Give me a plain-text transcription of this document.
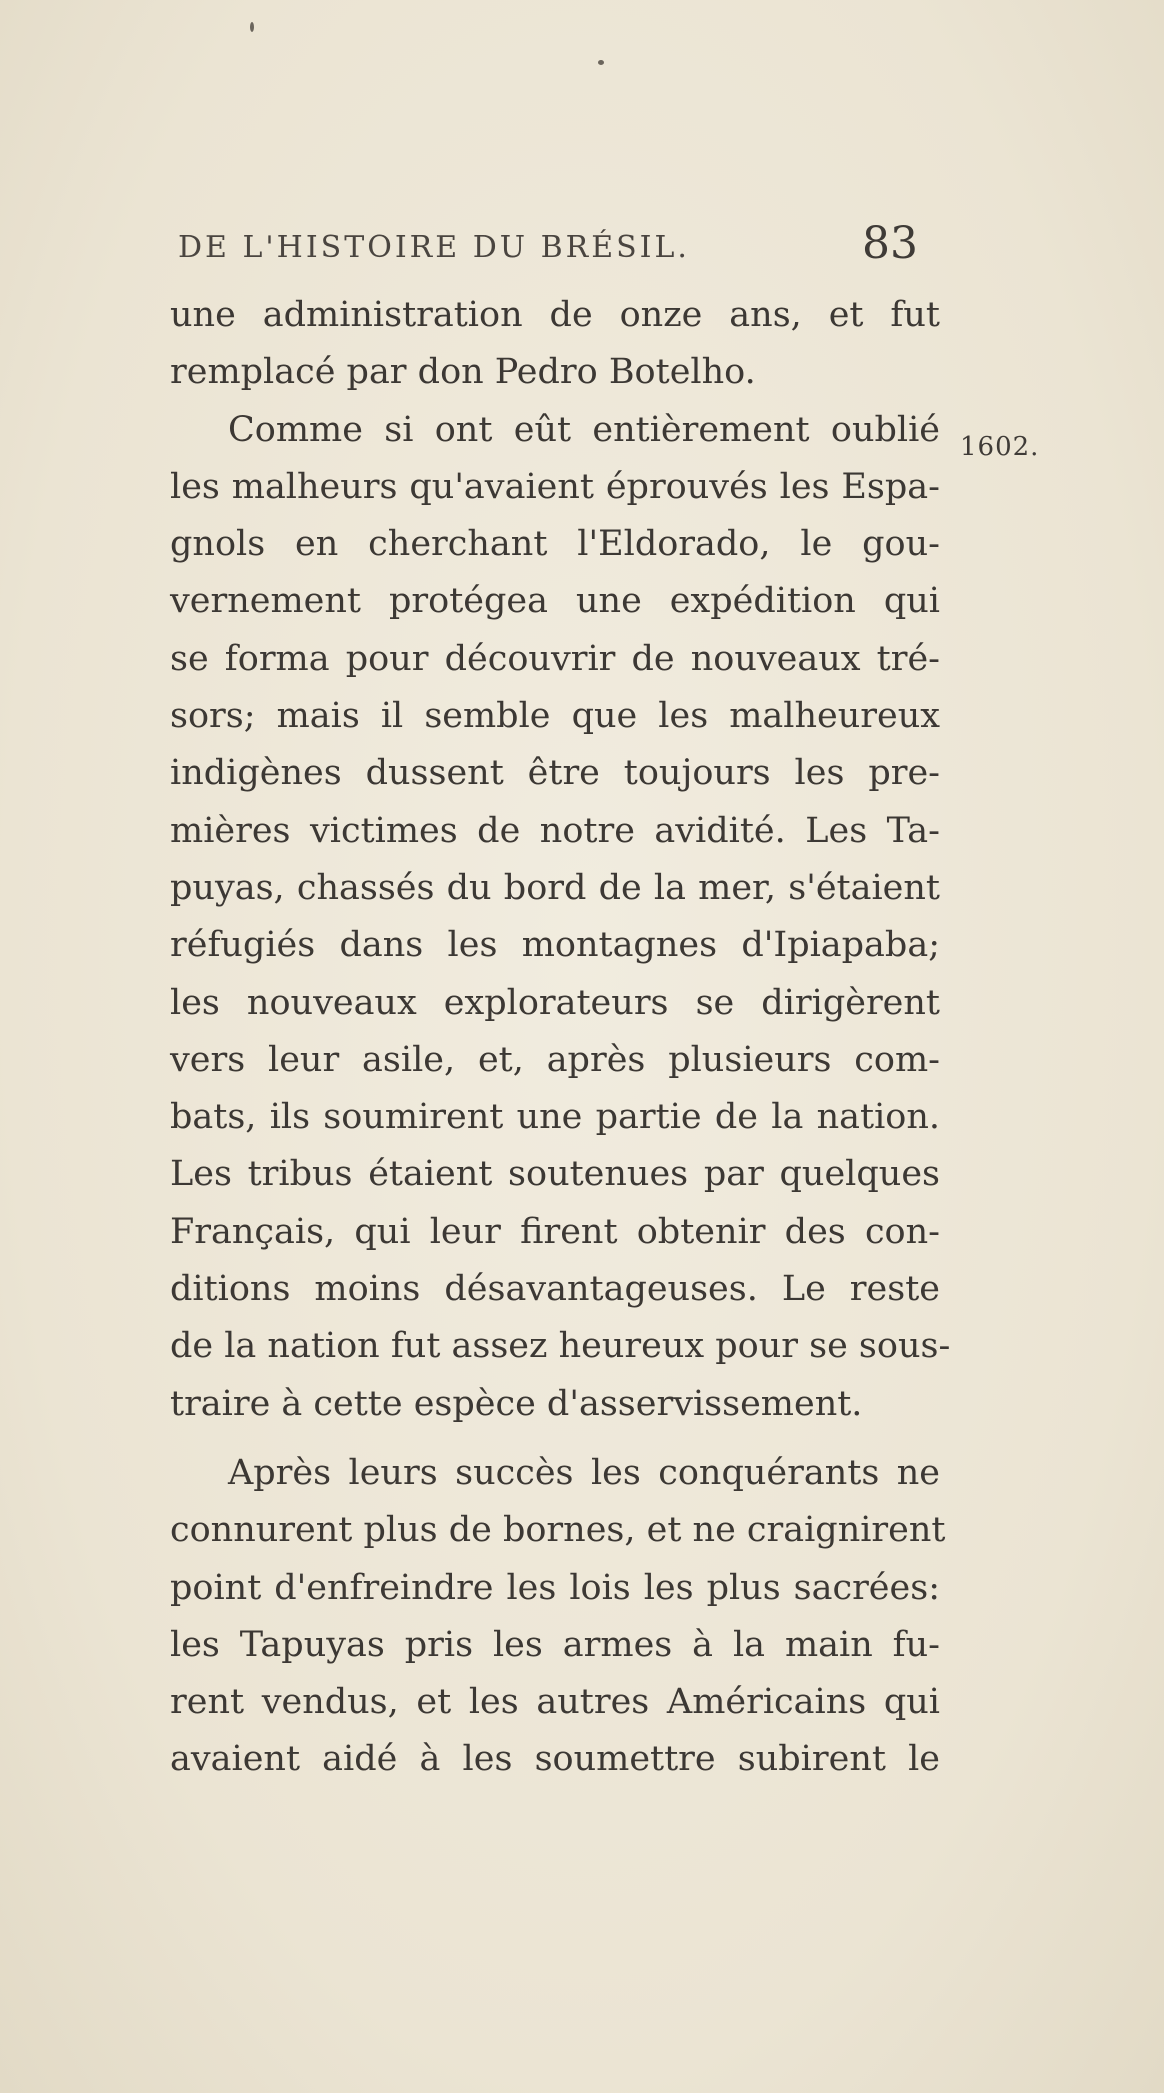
DE L'HISTOIRE DU BRÉSIL.	83
1602.
une administration de onze ans, et fut
remplacé par don Pedro Botelho.
Comme si ont eût entièrement oublié
les malheurs qu'avaient éprouvés les Espa-
gnols en cherchant l'Eldorado, le gou-
vernement protégea une expédition qui
se forma pour découvrir de nouveaux tré-
sors; mais il semble que les malheureux
indigènes dussent être toujours les pre-
mières victimes de notre avidité. Les Ta-
puyas, chassés du bord de la mer, s'étaient
réfugiés dans les montagnes d'Ipiapaba;
les nouveaux explorateurs se dirigèrent
vers leur asile, et, après plusieurs com-
bats, ils soumirent une partie de la nation.
Les tribus étaient soutenues par quelques
Français, qui leur firent obtenir des con-
ditions moins désavantageuses. Le reste
de la nation fut assez heureux pour se sous-
traire à cette espèce d'asservissement.
Après leurs succès les conquérants ne
connurent plus de bornes, et ne craignirent
point d'enfreindre les lois les plus sacrées:
les Tapuyas pris les armes à la main fu-
rent vendus, et les autres Américains qui
avaient aidé à les soumettre subirent le
